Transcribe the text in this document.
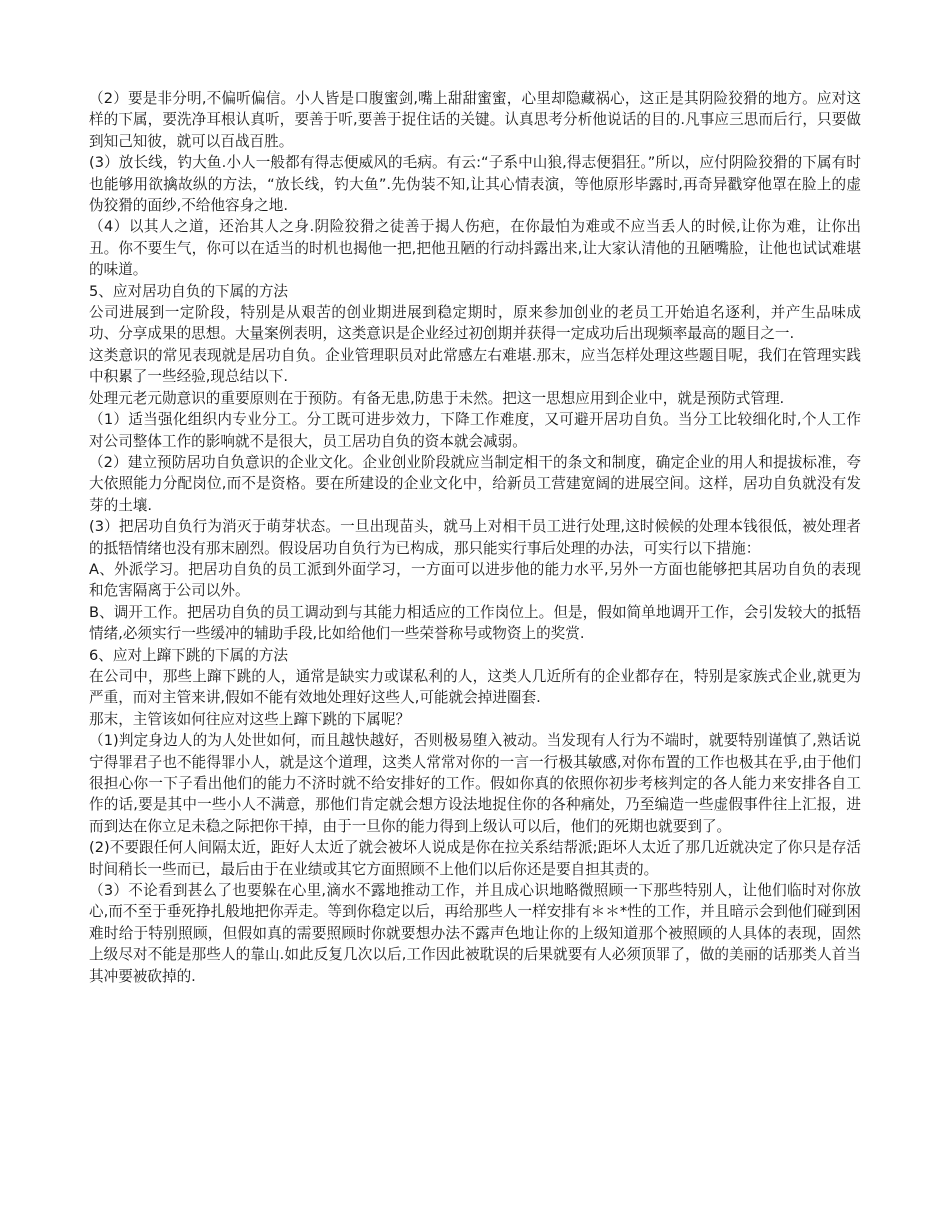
（2）要是非分明,不偏听偏信。小人皆是口腹蜜剑,嘴上甜甜蜜蜜，心里却隐藏祸心，这正是其阴险狡猾的地方。应对这样的下属，要洗净耳根认真听，要善于听,要善于捉住话的关键。认真思考分析他说话的目的.凡事应三思而后行，只要做到知己知彼，就可以百战百胜。

(3）放长线，钓大鱼.小人一般都有得志便威风的毛病。有云:“子系中山狼,得志便猖狂。”所以，应付阴险狡猾的下属有时也能够用欲擒故纵的方法，“放长线，钓大鱼”.先伪装不知,让其心情表演，等他原形毕露时,再奇异戳穿他罩在脸上的虚伪狡猾的面纱,不给他容身之地.

（4）以其人之道，还治其人之身.阴险狡猾之徒善于揭人伤疤，在你最怕为难或不应当丢人的时候,让你为难，让你出丑。你不要生气，你可以在适当的时机也揭他一把,把他丑陋的行动抖露出来,让大家认清他的丑陋嘴脸，让他也试试难堪的味道。

5、应对居功自负的下属的方法

公司进展到一定阶段，特别是从艰苦的创业期进展到稳定期时，原来参加创业的老员工开始追名逐利，并产生品味成功、分享成果的思想。大量案例表明，这类意识是企业经过初创期并获得一定成功后出现频率最高的题目之一.

这类意识的常见表现就是居功自负。企业管理职员对此常感左右难堪.那末，应当怎样处理这些题目呢，我们在管理实践中积累了一些经验,现总结以下.

处理元老元勋意识的重要原则在于预防。有备无患,防患于未然。把这一思想应用到企业中，就是预防式管理.

（1）适当强化组织内专业分工。分工既可进步效力，下降工作难度，又可避开居功自负。当分工比较细化时,个人工作对公司整体工作的影响就不是很大，员工居功自负的资本就会减弱。

（2）建立预防居功自负意识的企业文化。企业创业阶段就应当制定相干的条文和制度，确定企业的用人和提拔标准，夸大依照能力分配岗位,而不是资格。要在所建设的企业文化中，给新员工营建宽阔的进展空间。这样，居功自负就没有发芽的土壤.

(3）把居功自负行为消灭于萌芽状态。一旦出现苗头，就马上对相干员工进行处理,这时候候的处理本钱很低，被处理者的抵牾情绪也没有那末剧烈。假设居功自负行为已构成，那只能实行事后处理的办法，可实行以下措施：

A、外派学习。把居功自负的员工派到外面学习，一方面可以进步他的能力水平,另外一方面也能够把其居功自负的表现和危害隔离于公司以外。

B、调开工作。把居功自负的员工调动到与其能力相适应的工作岗位上。但是，假如简单地调开工作，会引发较大的抵牾情绪,必须实行一些缓冲的辅助手段,比如给他们一些荣誉称号或物资上的奖赏.

6、应对上蹿下跳的下属的方法

在公司中，那些上蹿下跳的人，通常是缺实力或谋私利的人，这类人几近所有的企业都存在，特别是家族式企业,就更为严重，而对主管来讲,假如不能有效地处理好这些人,可能就会掉进圈套.

那末，主管该如何往应对这些上蹿下跳的下属呢？

（1)判定身边人的为人处世如何，而且越快越好，否则极易堕入被动。当发现有人行为不端时，就要特别谨慎了,熟话说宁得罪君子也不能得罪小人，就是这个道理，这类人常常对你的一言一行极其敏感,对你布置的工作也极其在乎,由于他们很担心你一下子看出他们的能力不济时就不给安排好的工作。假如你真的依照你初步考核判定的各人能力来安排各自工作的话,要是其中一些小人不满意，那他们肯定就会想方设法地捉住你的各种痛处，乃至编造一些虚假事件往上汇报，进而到达在你立足未稳之际把你干掉，由于一旦你的能力得到上级认可以后，他们的死期也就要到了。

(2)不要跟任何人间隔太近，距好人太近了就会被坏人说成是你在拉关系结帮派;距坏人太近了那几近就决定了你只是存活时间稍长一些而已，最后由于在业绩或其它方面照顾不上他们以后你还是要自担其责的。

（3）不论看到甚么了也要躲在心里,滴水不露地推动工作，并且成心识地略微照顾一下那些特别人，让他们临时对你放心,而不至于垂死挣扎般地把你弄走。等到你稳定以后，再给那些人一样安排有＊＊*性的工作，并且暗示会到他们碰到困难时给于特别照顾，但假如真的需要照顾时你就要想办法不露声色地让你的上级知道那个被照顾的人具体的表现，固然上级尽对不能是那些人的靠山.如此反复几次以后,工作因此被耽误的后果就要有人必须顶罪了，做的美丽的话那类人首当其冲要被砍掉的.
